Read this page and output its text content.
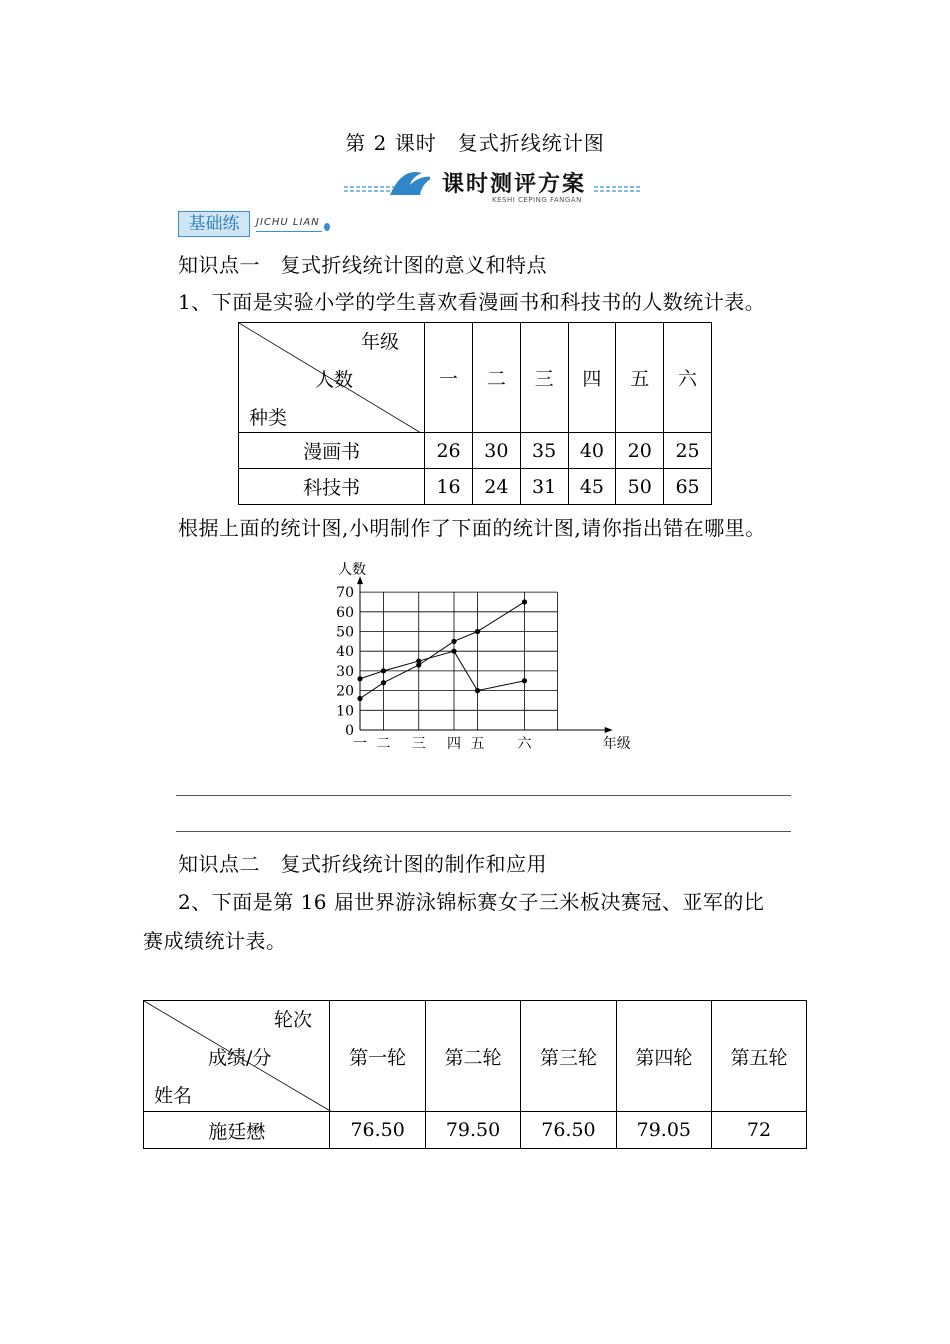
第 2 课时　复式折线统计图
课时测评方案
KESHI CEPING FANGAN
基础练	JICHU LIAN
知识点一　复式折线统计图的意义和特点
1、下面是实验小学的学生喜欢看漫画书和科技书的人数统计表。
年级
人数
种类	一	二	三	四	五	六
漫画书	26	30	35	40	20	25
科技书	16	24	31	45	50	65
根据上面的统计图,小明制作了下面的统计图,请你指出错在哪里。
0
10
20
30
40
50
60
70
人数
一 二 三 四 五 六	年级
知识点二　复式折线统计图的制作和应用
2、下面是第 16 届世界游泳锦标赛女子三米板决赛冠、亚军的比
赛成绩统计表。
轮次
成绩/分
姓名	第一轮	第二轮	第三轮	第四轮	第五轮
施廷懋	76.50	79.50	76.50	79.05	72
